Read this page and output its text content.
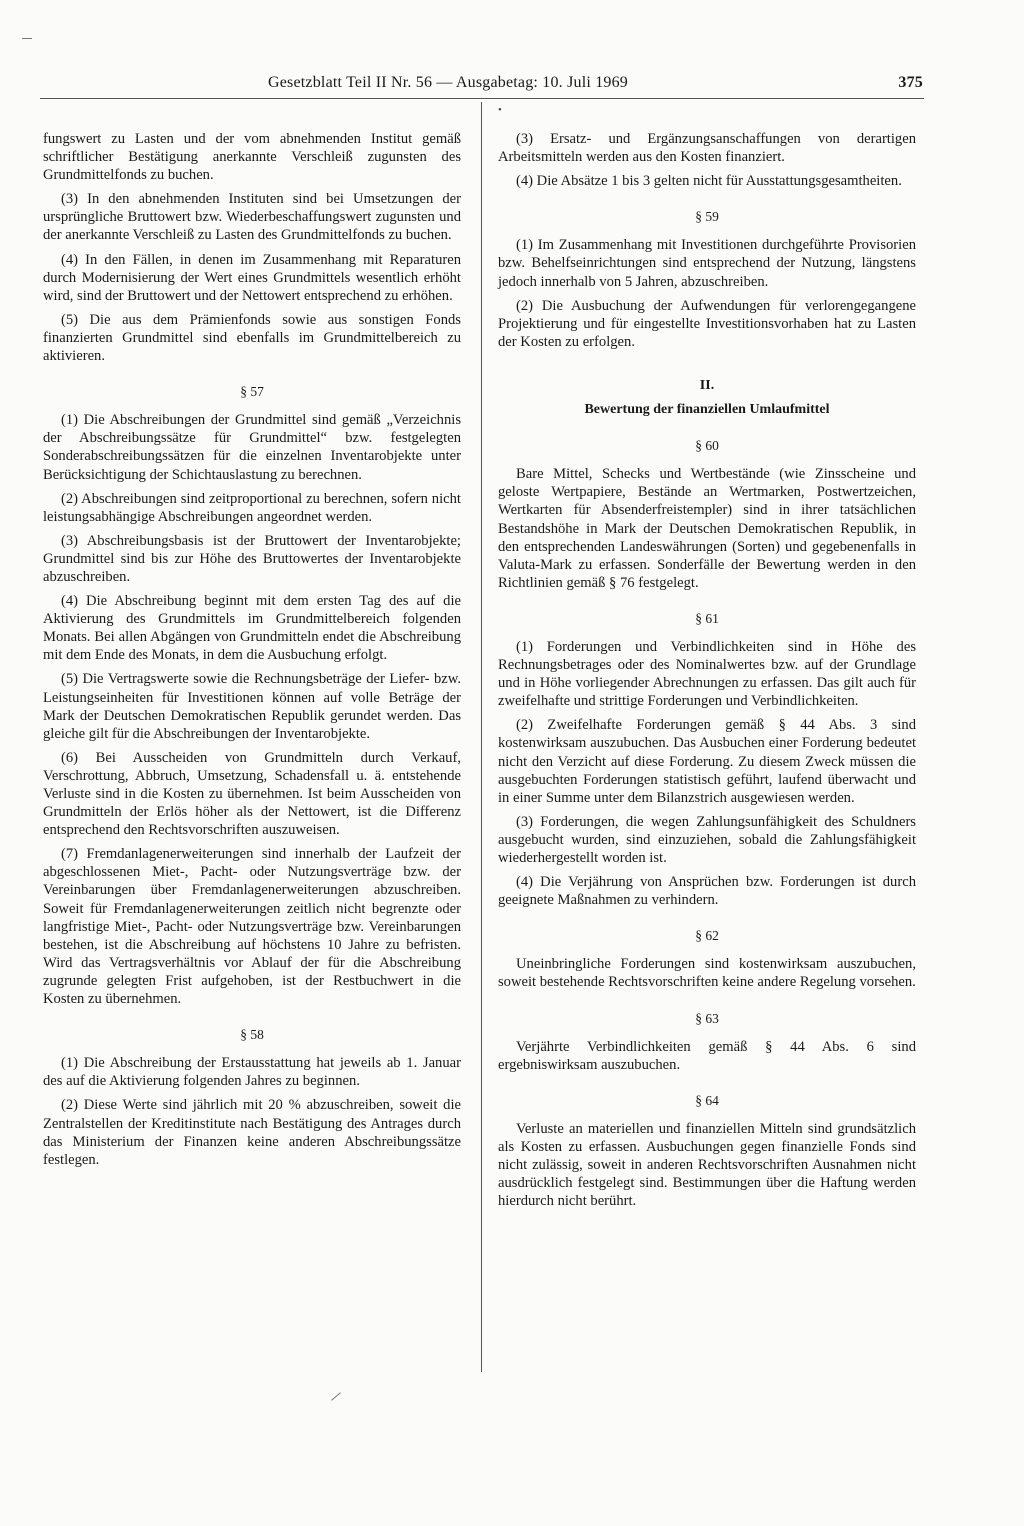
•
Gesetzblatt Teil II Nr. 56 — Ausgabetag: 10. Juli 1969	375
fungswert zu Lasten und der vom abnehmenden Institut gemäß schriftlicher Bestätigung anerkannte Verschleiß zugunsten des Grundmittelfonds zu buchen.
(3) In den abnehmenden Instituten sind bei Umsetzungen der ursprüngliche Bruttowert bzw. Wiederbeschaffungswert zugunsten und der anerkannte Verschleiß zu Lasten des Grundmittelfonds zu buchen.
(4) In den Fällen, in denen im Zusammenhang mit Reparaturen durch Modernisierung der Wert eines Grundmittels wesentlich erhöht wird, sind der Bruttowert und der Nettowert entsprechend zu erhöhen.
(5) Die aus dem Prämienfonds sowie aus sonstigen Fonds finanzierten Grundmittel sind ebenfalls im Grundmittelbereich zu aktivieren.
§ 57
(1) Die Abschreibungen der Grundmittel sind gemäß „Verzeichnis der Abschreibungssätze für Grundmittel“ bzw. festgelegten Sonderabschreibungssätzen für die einzelnen Inventarobjekte unter Berücksichtigung der Schichtauslastung zu berechnen.
(2) Abschreibungen sind zeitproportional zu berechnen, sofern nicht leistungsabhängige Abschreibungen angeordnet werden.
(3) Abschreibungsbasis ist der Bruttowert der Inventarobjekte; Grundmittel sind bis zur Höhe des Bruttowertes der Inventarobjekte abzuschreiben.
(4) Die Abschreibung beginnt mit dem ersten Tag des auf die Aktivierung des Grundmittels im Grundmittelbereich folgenden Monats. Bei allen Abgängen von Grundmitteln endet die Abschreibung mit dem Ende des Monats, in dem die Ausbuchung erfolgt.
(5) Die Vertragswerte sowie die Rechnungsbeträge der Liefer- bzw. Leistungseinheiten für Investitionen können auf volle Beträge der Mark der Deutschen Demokratischen Republik gerundet werden. Das gleiche gilt für die Abschreibungen der Inventarobjekte.
(6) Bei Ausscheiden von Grundmitteln durch Verkauf, Verschrottung, Abbruch, Umsetzung, Schadensfall u. ä. entstehende Verluste sind in die Kosten zu übernehmen. Ist beim Ausscheiden von Grundmitteln der Erlös höher als der Nettowert, ist die Differenz entsprechend den Rechtsvorschriften auszuweisen.
(7) Fremdanlagenerweiterungen sind innerhalb der Laufzeit der abgeschlossenen Miet-, Pacht- oder Nutzungsverträge bzw. der Vereinbarungen über Fremdanlagenerweiterungen abzuschreiben. Soweit für Fremdanlagenerweiterungen zeitlich nicht begrenzte oder langfristige Miet-, Pacht- oder Nutzungsverträge bzw. Vereinbarungen bestehen, ist die Abschreibung auf höchstens 10 Jahre zu befristen. Wird das Vertragsverhältnis vor Ablauf der für die Abschreibung zugrunde gelegten Frist aufgehoben, ist der Restbuchwert in die Kosten zu übernehmen.
§ 58
(1) Die Abschreibung der Erstausstattung hat jeweils ab 1. Januar des auf die Aktivierung folgenden Jahres zu beginnen.
(2) Diese Werte sind jährlich mit 20 % abzuschreiben, soweit die Zentralstellen der Kreditinstitute nach Bestätigung des Antrages durch das Ministerium der Finanzen keine anderen Abschreibungssätze festlegen.
(3) Ersatz- und Ergänzungsanschaffungen von derartigen Arbeitsmitteln werden aus den Kosten finanziert.
(4) Die Absätze 1 bis 3 gelten nicht für Ausstattungsgesamtheiten.
§ 59
(1) Im Zusammenhang mit Investitionen durchgeführte Provisorien bzw. Behelfseinrichtungen sind entsprechend der Nutzung, längstens jedoch innerhalb von 5 Jahren, abzuschreiben.
(2) Die Ausbuchung der Aufwendungen für verlorengegangene Projektierung und für eingestellte Investitionsvorhaben hat zu Lasten der Kosten zu erfolgen.
II.
Bewertung der finanziellen Umlaufmittel
§ 60
Bare Mittel, Schecks und Wertbestände (wie Zinsscheine und geloste Wertpapiere, Bestände an Wertmarken, Postwertzeichen, Wertkarten für Absenderfreistempler) sind in ihrer tatsächlichen Bestandshöhe in Mark der Deutschen Demokratischen Republik, in den entsprechenden Landeswährungen (Sorten) und gegebenenfalls in Valuta-Mark zu erfassen. Sonderfälle der Bewertung werden in den Richtlinien gemäß § 76 festgelegt.
§ 61
(1) Forderungen und Verbindlichkeiten sind in Höhe des Rechnungsbetrages oder des Nominalwertes bzw. auf der Grundlage und in Höhe vorliegender Abrechnungen zu erfassen. Das gilt auch für zweifelhafte und strittige Forderungen und Verbindlichkeiten.
(2) Zweifelhafte Forderungen gemäß § 44 Abs. 3 sind kostenwirksam auszubuchen. Das Ausbuchen einer Forderung bedeutet nicht den Verzicht auf diese Forderung. Zu diesem Zweck müssen die ausgebuchten Forderungen statistisch geführt, laufend überwacht und in einer Summe unter dem Bilanzstrich ausgewiesen werden.
(3) Forderungen, die wegen Zahlungsunfähigkeit des Schuldners ausgebucht wurden, sind einzuziehen, sobald die Zahlungsfähigkeit wiederhergestellt worden ist.
(4) Die Verjährung von Ansprüchen bzw. Forderungen ist durch geeignete Maßnahmen zu verhindern.
§ 62
Uneinbringliche Forderungen sind kostenwirksam auszubuchen, soweit bestehende Rechtsvorschriften keine andere Regelung vorsehen.
§ 63
Verjährte Verbindlichkeiten gemäß § 44 Abs. 6 sind ergebniswirksam auszubuchen.
§ 64
Verluste an materiellen und finanziellen Mitteln sind grundsätzlich als Kosten zu erfassen. Ausbuchungen gegen finanzielle Fonds sind nicht zulässig, soweit in anderen Rechtsvorschriften Ausnahmen nicht ausdrücklich festgelegt sind. Bestimmungen über die Haftung werden hierdurch nicht berührt.
